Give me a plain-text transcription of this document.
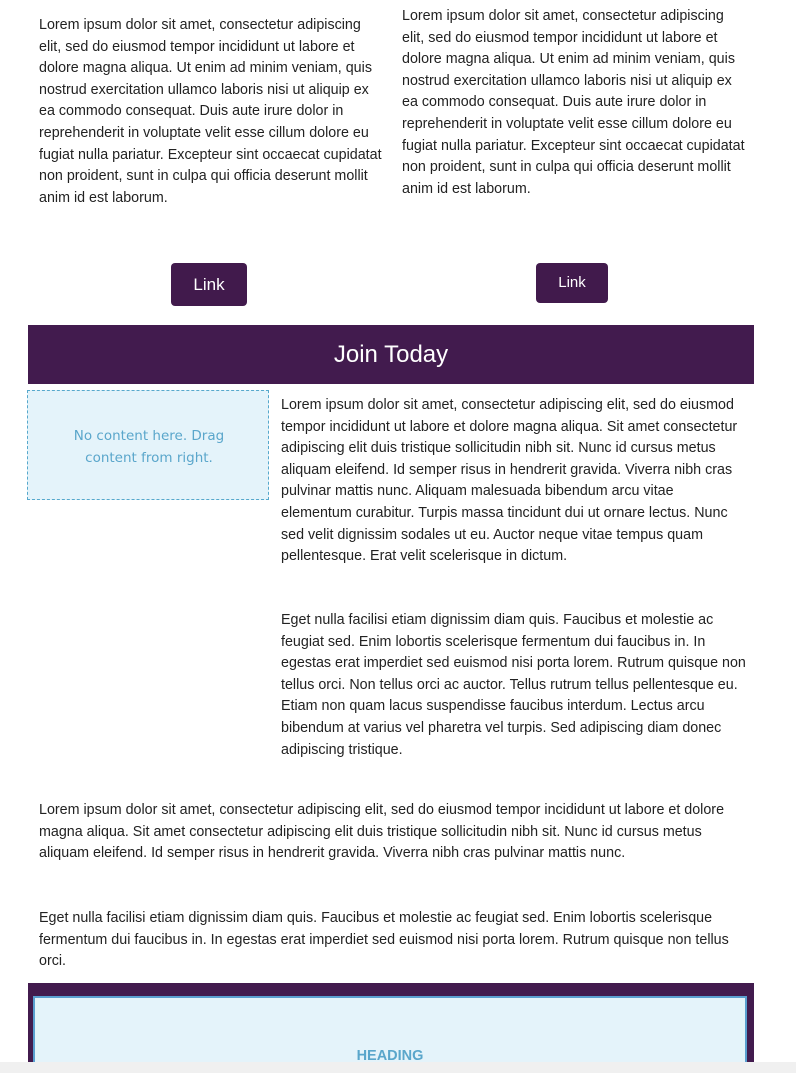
Lorem ipsum dolor sit amet, consectetur adipiscing elit, sed do eiusmod tempor incididunt ut labore et dolore magna aliqua. Ut enim ad minim veniam, quis nostrud exercitation ullamco laboris nisi ut aliquip ex ea commodo consequat. Duis aute irure dolor in reprehenderit in voluptate velit esse cillum dolore eu fugiat nulla pariatur. Excepteur sint occaecat cupidatat non proident, sunt in culpa qui officia deserunt mollit anim id est laborum.

Lorem ipsum dolor sit amet, consectetur adipiscing elit, sed do eiusmod tempor incididunt ut labore et dolore magna aliqua. Ut enim ad minim veniam, quis nostrud exercitation ullamco laboris nisi ut aliquip ex ea commodo consequat. Duis aute irure dolor in reprehenderit in voluptate velit esse cillum dolore eu fugiat nulla pariatur. Excepteur sint occaecat cupidatat non proident, sunt in culpa qui officia deserunt mollit anim id est laborum.

Link	Link
Join Today
No content here. Drag content from right.

Lorem ipsum dolor sit amet, consectetur adipiscing elit, sed do eiusmod tempor incididunt ut labore et dolore magna aliqua. Sit amet consectetur adipiscing elit duis tristique sollicitudin nibh sit. Nunc id cursus metus aliquam eleifend. Id semper risus in hendrerit gravida. Viverra nibh cras pulvinar mattis nunc. Aliquam malesuada bibendum arcu vitae elementum curabitur. Turpis massa tincidunt dui ut ornare lectus. Nunc sed velit dignissim sodales ut eu. Auctor neque vitae tempus quam pellentesque. Erat velit scelerisque in dictum.

Eget nulla facilisi etiam dignissim diam quis. Faucibus et molestie ac feugiat sed. Enim lobortis scelerisque fermentum dui faucibus in. In egestas erat imperdiet sed euismod nisi porta lorem. Rutrum quisque non tellus orci. Non tellus orci ac auctor. Tellus rutrum tellus pellentesque eu. Etiam non quam lacus suspendisse faucibus interdum. Lectus arcu bibendum at varius vel pharetra vel turpis. Sed adipiscing diam donec adipiscing tristique.

Lorem ipsum dolor sit amet, consectetur adipiscing elit, sed do eiusmod tempor incididunt ut labore et dolore magna aliqua. Sit amet consectetur adipiscing elit duis tristique sollicitudin nibh sit. Nunc id cursus metus aliquam eleifend. Id semper risus in hendrerit gravida. Viverra nibh cras pulvinar mattis nunc.

Eget nulla facilisi etiam dignissim diam quis. Faucibus et molestie ac feugiat sed. Enim lobortis scelerisque fermentum dui faucibus in. In egestas erat imperdiet sed euismod nisi porta lorem. Rutrum quisque non tellus orci.

HEADING
